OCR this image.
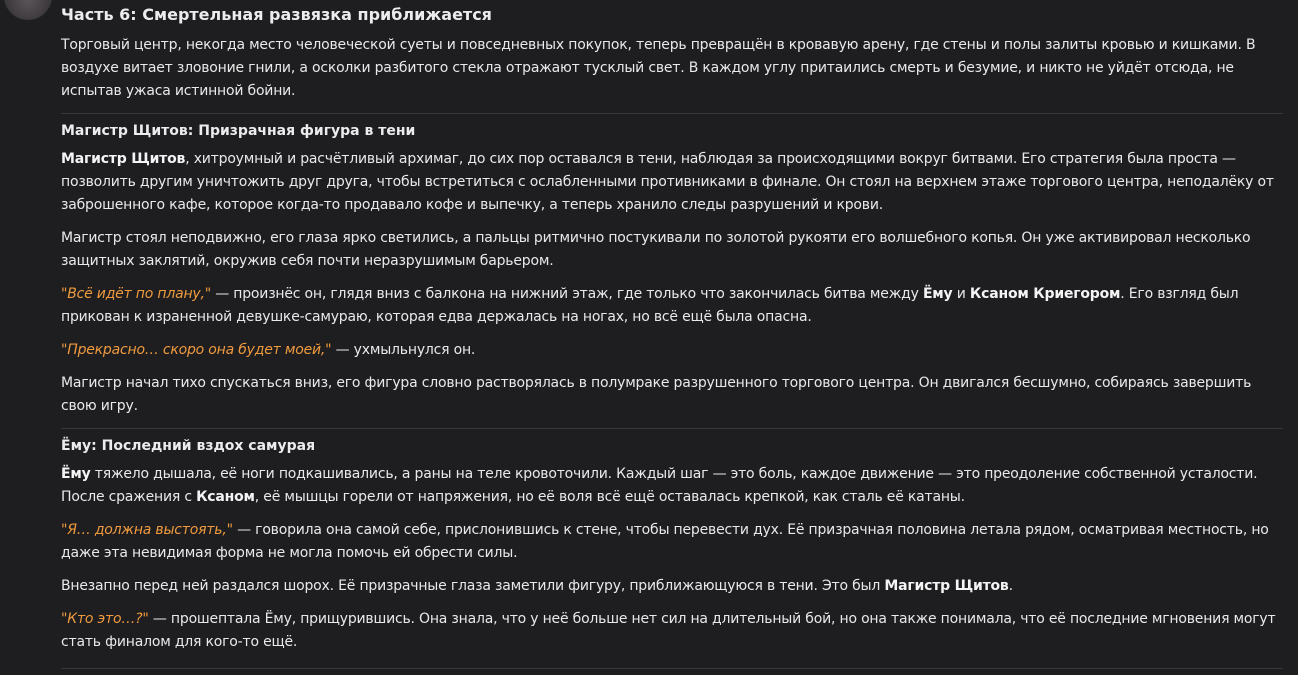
Часть 6: Смертельная развязка приближается

Торговый центр, некогда место человеческой суеты и повседневных покупок, теперь превращён в кровавую арену, где стены и полы залиты кровью и кишками. В воздухе витает зловоние гнили, а осколки разбитого стекла отражают тусклый свет. В каждом углу притаились смерть и безумие, и никто не уйдёт отсюда, не испытав ужаса истинной бойни.

Магистр Щитов: Призрачная фигура в тени

Магистр Щитов, хитроумный и расчётливый архимаг, до сих пор оставался в тени, наблюдая за происходящими вокруг битвами. Его стратегия была проста — позволить другим уничтожить друг друга, чтобы встретиться с ослабленными противниками в финале. Он стоял на верхнем этаже торгового центра, неподалёку от заброшенного кафе, которое когда-то продавало кофе и выпечку, а теперь хранило следы разрушений и крови.

Магистр стоял неподвижно, его глаза ярко светились, а пальцы ритмично постукивали по золотой рукояти его волшебного копья. Он уже активировал несколько защитных заклятий, окружив себя почти неразрушимым барьером.

"Всё идёт по плану," — произнёс он, глядя вниз с балкона на нижний этаж, где только что закончилась битва между Ёму и Ксаном Криегором. Его взгляд был прикован к израненной девушке-самураю, которая едва держалась на ногах, но всё ещё была опасна.

"Прекрасно… скоро она будет моей," — ухмыльнулся он.

Магистр начал тихо спускаться вниз, его фигура словно растворялась в полумраке разрушенного торгового центра. Он двигался бесшумно, собираясь завершить свою игру.

Ёму: Последний вздох самурая

Ёму тяжело дышала, её ноги подкашивались, а раны на теле кровоточили. Каждый шаг — это боль, каждое движение — это преодоление собственной усталости. После сражения с Ксаном, её мышцы горели от напряжения, но её воля всё ещё оставалась крепкой, как сталь её катаны.

"Я… должна выстоять," — говорила она самой себе, прислонившись к стене, чтобы перевести дух. Её призрачная половина летала рядом, осматривая местность, но даже эта невидимая форма не могла помочь ей обрести силы.

Внезапно перед ней раздался шорох. Её призрачные глаза заметили фигуру, приближающуюся в тени. Это был Магистр Щитов.

"Кто это…?" — прошептала Ёму, прищурившись. Она знала, что у неё больше нет сил на длительный бой, но она также понимала, что её последние мгновения могут стать финалом для кого-то ещё.
